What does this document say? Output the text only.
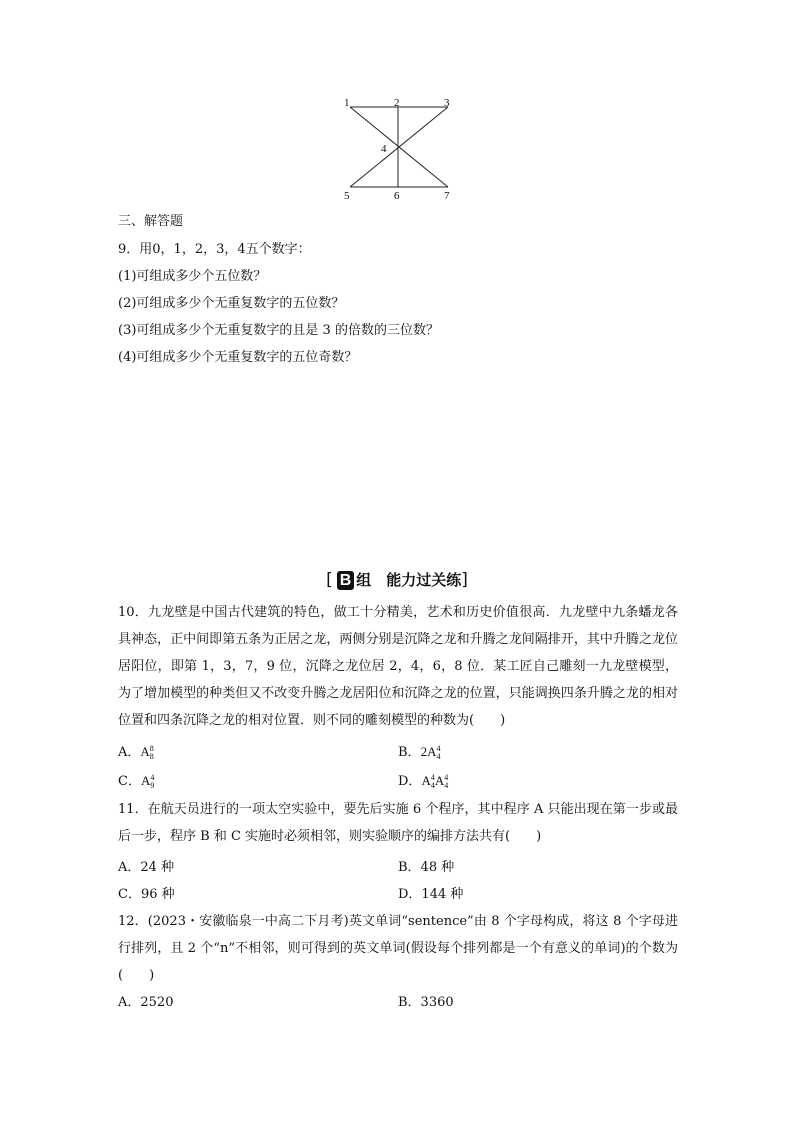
1	2	3
4
5	6	7
三、解答题
9．用0，1，2，3，4五个数字：
(1)可组成多少个五位数？
(2)可组成多少个无重复数字的五位数？
(3)可组成多少个无重复数字的且是 3 的倍数的三位数？
(4)可组成多少个无重复数字的五位奇数？
[ B 组　能力过关练]
10．九龙壁是中国古代建筑的特色，做工十分精美，艺术和历史价值很高．九龙壁中九条蟠龙各具神态，正中间即第五条为正居之龙，两侧分别是沉降之龙和升腾之龙间隔排开，其中升腾之龙位居阳位，即第 1，3，7，9 位，沉降之龙位居 2，4，6，8 位．某工匠自己雕刻一九龙壁模型，为了增加模型的种类但又不改变升腾之龙居阳位和沉降之龙的位置，只能调换四条升腾之龙的相对位置和四条沉降之龙的相对位置．则不同的雕刻模型的种数为(　　)
A．A8
8	B．2A4
4
C．A4
9	D．A4
4A4
4
11．在航天员进行的一项太空实验中，要先后实施 6 个程序，其中程序 A 只能出现在第一步或最后一步，程序 B 和 C 实施时必须相邻，则实验顺序的编排方法共有(　　)
A．24 种	B．48 种
C．96 种	D．144 种
12．(2023・安徽临泉一中高二下月考)英文单词“sentence”由 8 个字母构成，将这 8 个字母进行排列，且 2 个“n”不相邻，则可得到的英文单词(假设每个排列都是一个有意义的单词)的个数为(　　)
A．2520	B．3360
